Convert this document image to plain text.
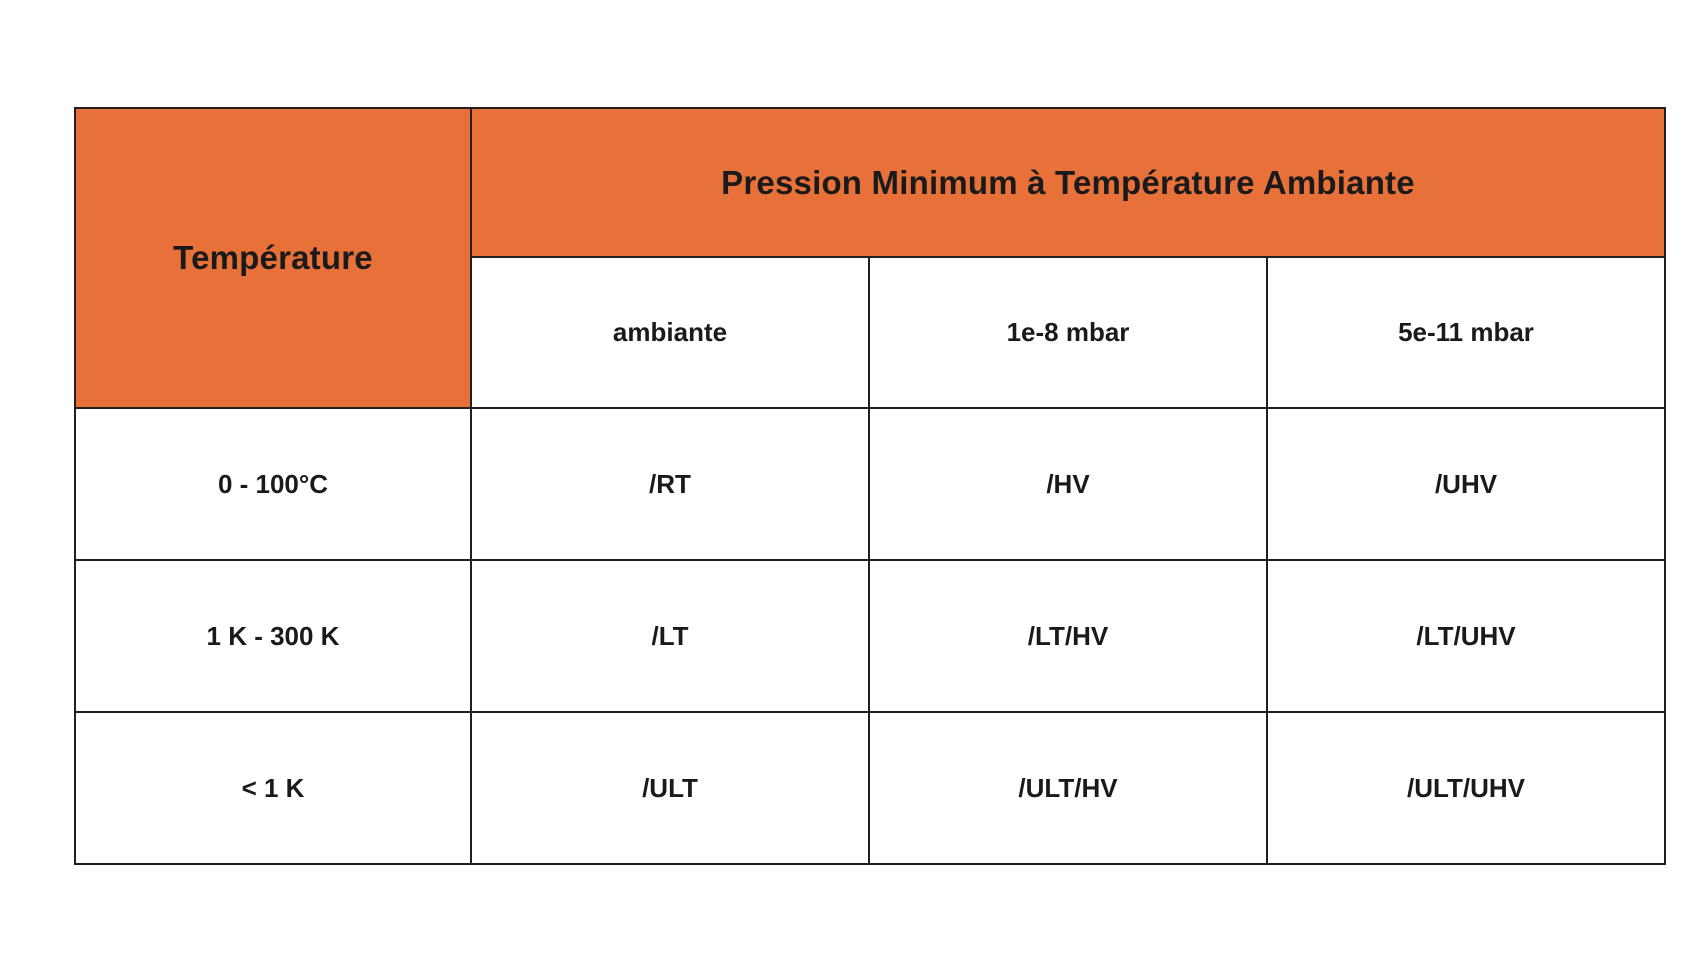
Température	Pression Minimum à Température Ambiante		
	ambiante	1e-8 mbar	5e-11 mbar
0 - 100°C	/RT	/HV	/UHV
1 K - 300 K	/LT	/LT/HV	/LT/UHV
< 1 K	/ULT	/ULT/HV	/ULT/UHV
